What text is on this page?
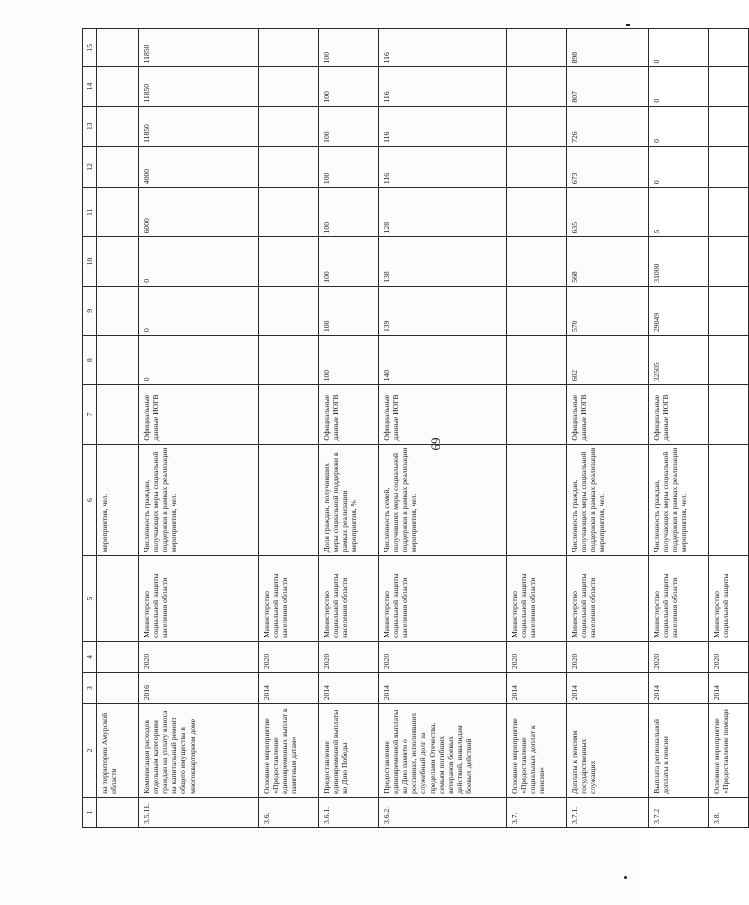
69
1	2	3	4	5	6	7	8	9	10	11	12	13	14	15

	на территории Амурской области				мероприятия, чел.									

3.5.11.	Компенсация расходов отдельным категориям граждан на уплату взноса на капитальный ремонт общего имущества в многоквартирном доме	2016	2020	Министерство социальной защиты населения области	Численность граждан, получающих меры социальной поддержки в рамках реализации мероприятия, чел.	Официальные данные ИОГВ	0	0	0	6000	4000	11850	11850	11850

3.6.	Основное мероприятие «Предоставление единовременных выплат к памятным датам»	2014	2020	Министерство социальной защиты населения области										

3.6.1.	Предоставление единовременной выплаты ко Дню Победы	2014	2020	Министерство социальной защиты населения области	Доля граждан, получивших меры социальной поддержки в рамках реализации мероприятия, %	Официальные данные ИОГВ	100	100	100	100	100	100	100	100

3.6.2.	Предоставление единовременной выплаты ко Дню памяти о россиянах, исполнявших служебный долг за пределами Отечества, семьям погибших ветеранов боевых действий, инвалидам боевых действий	2014	2020	Министерство социальной защиты населения области	Численность семей, получивших меры социальной поддержки в рамках реализации мероприятия, чел.	Официальные данные ИОГВ	140	139	138	128	116	116	116	116

3.7.	Основное мероприятие «Предоставление социальных доплат к пенсии»	2014	2020	Министерство социальной защиты населения области										

3.7.1.	Доплаты к пенсиям государственных служащих	2014	2020	Министерство социальной защиты населения области	Численность граждан, получающих меры социальной поддержки в рамках реализации мероприятия, чел.	Официальные данные ИОГВ	602	570	568	635	673	726	807	898

3.7.2	Выплата региональной доплаты к пенсии	2014	2020	Министерство социальной защиты населения области	Численность граждан, получающих меры социальной поддержки в рамках реализации мероприятия, чел.	Официальные данные ИОГВ	32505	29049	31000	5	0	0	0	0

3.8.	Основное мероприятие «Предоставление помощи	2014	2020	Министерство социальной защиты										
